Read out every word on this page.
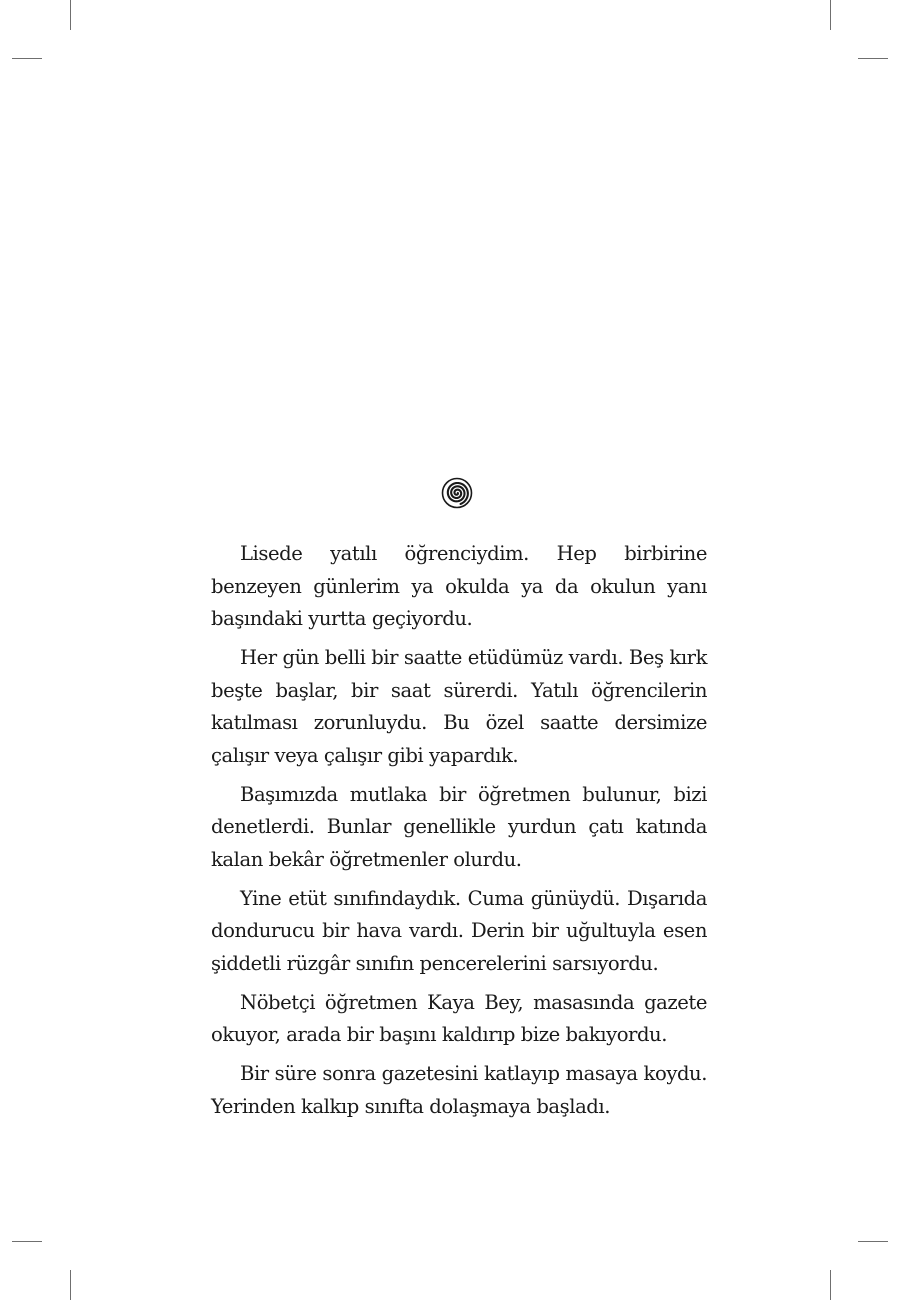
Lisede yatılı öğrenciydim. Hep birbirine benzeyen günlerim ya okulda ya da okulun yanı başındaki yurtta geçiyordu.

Her gün belli bir saatte etüdümüz vardı. Beş kırk beşte başlar, bir saat sürerdi. Yatılı öğrencilerin katılması zorunluydu. Bu özel saatte dersimize çalışır veya çalışır gibi yapardık.

Başımızda mutlaka bir öğretmen bulunur, bizi denetlerdi. Bunlar genellikle yurdun çatı katında kalan bekâr öğretmenler olurdu.

Yine etüt sınıfındaydık. Cuma günüydü. Dışarıda dondurucu bir hava vardı. Derin bir uğultuyla esen şiddetli rüzgâr sınıfın pencerelerini sarsıyordu.

Nöbetçi öğretmen Kaya Bey, masasında gazete okuyor, arada bir başını kaldırıp bize bakıyordu.

Bir süre sonra gazetesini katlayıp masaya koydu. Yerinden kalkıp sınıfta dolaşmaya başladı.
